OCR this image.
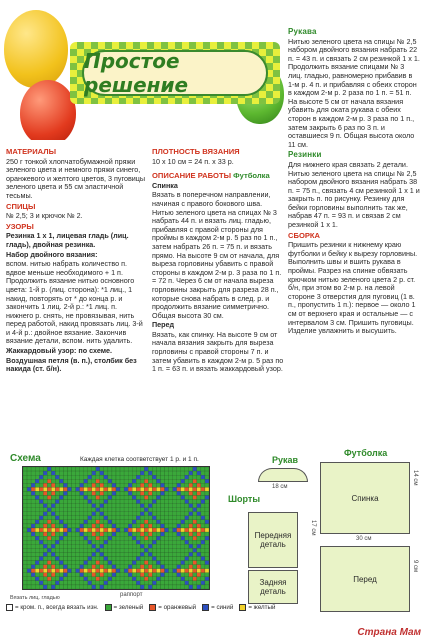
Простое решение

Рукава

Нитью зеленого цвета на спицы № 2,5 набором двойного вязания набрать 22 п. = 43 п. и связать 2 см резинкой 1 х 1. Продолжить вязание спицами № 3 лиц. гладью, равномерно прибавив в 1-м р. 4 п. и прибавляя с обеих сторон в каждом 2-м р. 2 раза по 1 п. = 51 п. На высоте 5 см от начала вязания убавить для оката рукава с обеих сторон в каждом 2-м р. 3 раза по 1 п., затем закрыть 6 раз по 3 п. и оставшиеся 9 п. Общая высота около 11 см.

Резинки

Для нижнего края связать 2 детали. Нитью зеленого цвета на спицы № 2,5 набором двойного вязания набрать 38 п. = 75 п., связать 4 см резинкой 1 х 1 и закрыть п. по рисунку. Резинку для бейки горловины выполнить так же, набрав 47 п. = 93 п. и связав 2 см резинкой 1 х 1.

СБОРКА

Пришить резинки к нижнему краю футболки и бейку к вырезу горловины. Выполнить швы и вшить рукава в проймы. Разрез на спинке обвязать крючком нитью зеленого цвета 2 р. ст. б/н, при этом во 2-м р. на левой стороне 3 отверстия для пуговиц (1 в. п., пропустить 1 п.): первое — около 1 см от верхнего края и остальные — с интервалом 3 см. Пришить пуговицы. Изделие увлажнить и высушить.

МАТЕРИАЛЫ

250 г тонкой хлопчатобумажной пряжи зеленого цвета и немного пряжи синего, оранжевого и желтого цветов, 3 пуговицы зеленого цвета и 55 см эластичной тесьмы.

СПИЦЫ

№ 2,5; 3 и крючок № 2.

УЗОРЫ

Резинка 1 х 1, лицевая гладь (лиц. гладь), двойная резинка.

Набор двойного вязания:

вспом. нитью набрать количество п. вдвое меньше необходимого + 1 п. Продолжить вязание нитью основного цвета: 1-й р. (лиц. сторона): *1 лиц., 1 накид, повторять от * до конца р. и закончить 1 лиц. 2-й р.: *1 лиц. п. нижнего р. снять, не провязывая, нить перед работой, накид провязать лиц. 3-й и 4-й р.: двойное вязание. Закончив вязание детали, вспом. нить удалить.

Жаккардовый узор: по схеме.

Воздушная петля (в. п.), столбик без накида (ст. б/н).

ПЛОТНОСТЬ ВЯЗАНИЯ

10 х 10 см = 24 п. х 33 р.

ОПИСАНИЕ РАБОТЫ Футболка

Спинка

Вязать в поперечном направлении, начиная с правого бокового шва. Нитью зеленого цвета на спицах № 3 набрать 44 п. и вязать лиц. гладью, прибавляя с правой стороны для проймы в каждом 2-м р. 5 раз по 1 п., затем набрать 26 п. = 75 п. и вязать прямо. На высоте 9 см от начала, для выреза горловины убавить с правой стороны в каждом 2-м р. 3 раза по 1 п. = 72 п. Через 6 см от начала выреза горловины закрыть для разреза 28 п., которые снова набрать в след. р. и продолжить вязание симметрично. Общая высота 30 см.

Перед

Вязать, как спинку. На высоте 9 см от начала вязания закрыть для выреза горловины с правой стороны 7 п. и затем убавить в каждом 2-м р. 5 раз по 1 п. = 63 п. и вязать жаккардовый узор.

Схема	Каждая клетка соответствует 1 р. и 1 п.
раппорт
Вязать лиц. гладью
= кром. п., всегда вязать изн.	= зеленый	= оранжевый	= синий	= желтый
Рукав
18 см
Шорты
Передняя деталь
Задняя деталь
Футболка
Спинка
30 см
Перед
17 см
14 см
9 см
Страна Мам
